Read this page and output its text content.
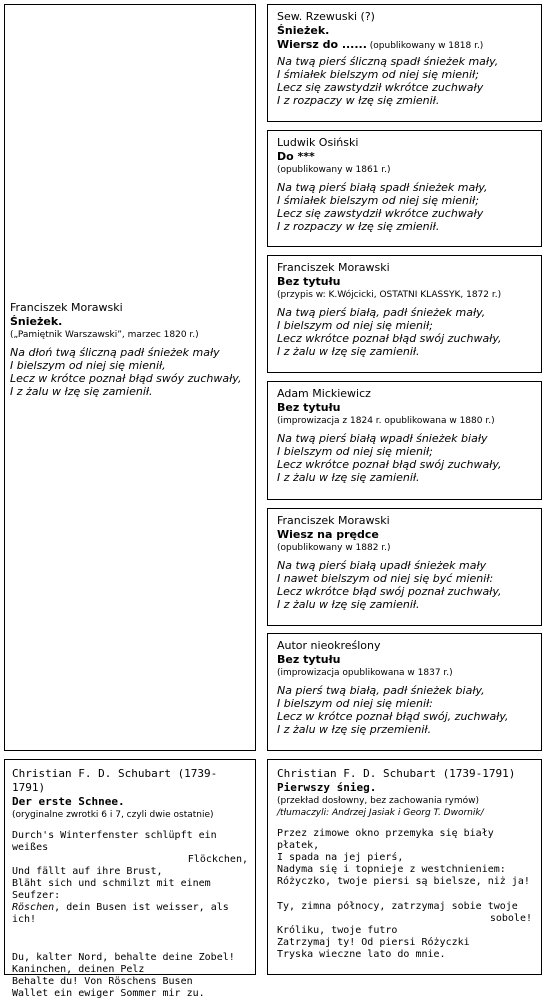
Franciszek Morawski

Śnieżek.

(„Pamiętnik Warszawski”, marzec 1820 r.)
Na dłoń twą śliczną padł śnieżek mały
I bielszym od niej się mienił,
Lecz w krótce poznał błąd swóy zuchwały,
I z żalu w łzę się zamienił.

Sew. Rzewuski (?)

Śnieżek.

Wiersz do ...... (opublikowany w 1818 r.)

Na twą pierś śliczną spadł śnieżek mały,
I śmiałek bielszym od niej się mienił;
Lecz się zawstydził wkrótce zuchwały
I z rozpaczy w łzę się zmienił.

Ludwik Osiński

Do ***

(opublikowany w 1861 r.)
Na twą pierś białą spadł śnieżek mały,
I śmiałek bielszym od niej się mienił;
Lecz się zawstydził wkrótce zuchwały
I z rozpaczy w łzę się zmienił.

Franciszek Morawski

Bez tytułu

(przypis w: K.Wójcicki, OSTATNI KLASSYK, 1872 r.)
Na twą pierś białą, padł śnieżek mały,
I bielszym od niej się mienił;
Lecz wkrótce poznał błąd swój zuchwały,
I z żalu w łzę się zamienił.

Adam Mickiewicz

Bez tytułu

(improwizacja z 1824 r. opublikowana w 1880 r.)
Na twą pierś białą wpadł śnieżek biały
I bielszym od niej się mienił;
Lecz wkrótce poznał błąd swój zuchwały,
I z żalu w łzę się zamienił.

Franciszek Morawski

Wiesz na prędce

(opublikowany w 1882 r.)
Na twą pierś białą upadł śnieżek mały
I nawet bielszym od niej się być mienił:
Lecz wkrótce błąd swój poznał zuchwały,
I z żalu w łzę się zamienił.

Autor nieokreślony

Bez tytułu

(improwizacja opublikowana w 1837 r.)
Na pierś twą białą, padł śnieżek biały,
I bielszym od niej się mienił:
Lecz w krótce poznał błąd swój, zuchwały,
I z żalu w łzę się przemienił.

Christian F. D. Schubart (1739-1791)

Der erste Schnee.

(oryginalne zwrotki 6 i 7, czyli dwie ostatnie)
Durch's Winterfenster schlüpft ein weißes
Flöckchen,
Und fällt auf ihre Brust,
Bläht sich und schmilzt mit einem Seufzer:
Röschen, dein Busen ist weisser, als ich!
Du, kalter Nord, behalte deine Zobel!
Kaninchen, deinen Pelz
Behalte du! Von Röschens Busen
Wallet ein ewiger Sommer mir zu.

Christian F. D. Schubart (1739-1791)

Pierwszy śnieg.

(przekład dosłowny, bez zachowania rymów)
/tłumaczyli: Andrzej Jasiak i Georg T. Dwornik/
Przez zimowe okno przemyka się biały płatek,
I spada na jej pierś,
Nadyma się i topnieje z westchnieniem:
Różyczko, twoje piersi są bielsze, niż ja!
Ty, zimna północy, zatrzymaj sobie twoje
sobole!
Króliku, twoje futro
Zatrzymaj ty! Od piersi Różyczki
Tryska wieczne lato do mnie.
